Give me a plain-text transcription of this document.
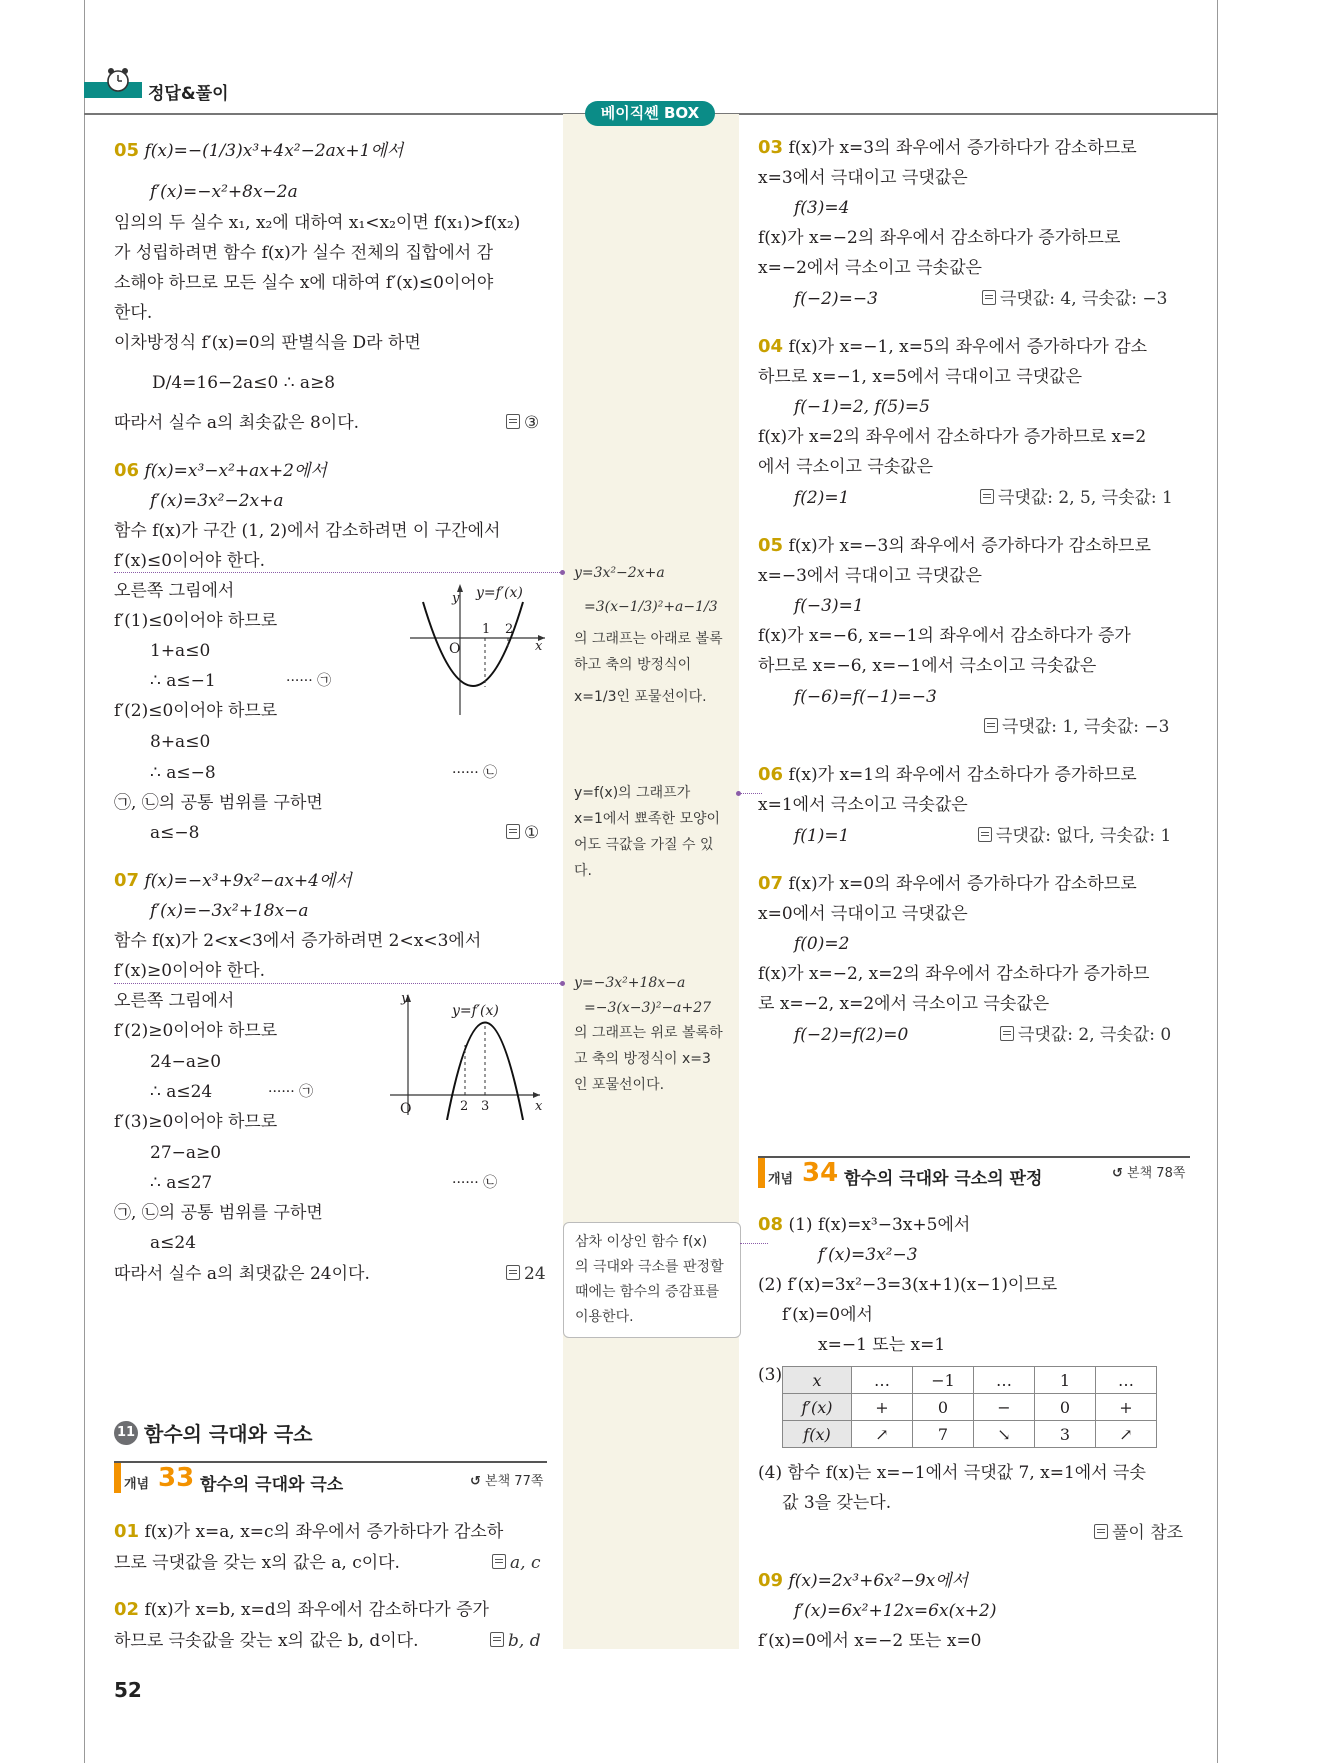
정답&풀이
베이직쎈 BOX
05 f(x)=−(1/3)x³+4x²−2ax+1에서
f′(x)=−x²+8x−2a
임의의 두 실수 x₁, x₂에 대하여 x₁<x₂이면 f(x₁)>f(x₂)
가 성립하려면 함수 f(x)가 실수 전체의 집합에서 감
소해야 하므로 모든 실수 x에 대하여 f′(x)≤0이어야
한다.
이차방정식 f′(x)=0의 판별식을 D라 하면
D/4=16−2a≤0 ∴ a≥8
따라서 실수 a의 최솟값은 8이다.	③
06 f(x)=x³−x²+ax+2에서
f′(x)=3x²−2x+a
함수 f(x)가 구간 (1, 2)에서 감소하려면 이 구간에서
f′(x)≤0이어야 한다.
오른쪽 그림에서
f′(1)≤0이어야 하므로
1+a≤0
∴ a≤−1	······ ㉠
f′(2)≤0이어야 하므로
8+a≤0
∴ a≤−8	······ ㉡
㉠, ㉡의 공통 범위를 구하면
a≤−8	①
y y=f′(x)
O
1 2
x
07 f(x)=−x³+9x²−ax+4에서
f′(x)=−3x²+18x−a
함수 f(x)가 2<x<3에서 증가하려면 2<x<3에서
f′(x)≥0이어야 한다.
오른쪽 그림에서
f′(2)≥0이어야 하므로
24−a≥0
∴ a≤24	······ ㉠
f′(3)≥0이어야 하므로
27−a≥0
∴ a≤27	······ ㉡
㉠, ㉡의 공통 범위를 구하면
a≤24
따라서 실수 a의 최댓값은 24이다.	24
y
y=f′(x)
O	2 3	x
11 함수의 극대와 극소
개념 33 함수의 극대와 극소	↺ 본책 77쪽
01 f(x)가 x=a, x=c의 좌우에서 증가하다가 감소하
므로 극댓값을 갖는 x의 값은 a, c이다.	a, c
02 f(x)가 x=b, x=d의 좌우에서 감소하다가 증가
하므로 극솟값을 갖는 x의 값은 b, d이다.	b, d
52
y=3x²−2x+a
=3(x−1/3)²+a−1/3
의 그래프는 아래로 볼록
하고 축의 방정식이
x=1/3인 포물선이다.
y=f(x)의 그래프가
x=1에서 뾰족한 모양이
어도 극값을 가질 수 있
다.
y=−3x²+18x−a
=−3(x−3)²−a+27
의 그래프는 위로 볼록하
고 축의 방정식이 x=3
인 포물선이다.
삼차 이상인 함수 f(x)
의 극대와 극소를 판정할
때에는 함수의 증감표를
이용한다.
03 f(x)가 x=3의 좌우에서 증가하다가 감소하므로
x=3에서 극대이고 극댓값은
f(3)=4
f(x)가 x=−2의 좌우에서 감소하다가 증가하므로
x=−2에서 극소이고 극솟값은
f(−2)=−3	극댓값: 4, 극솟값: −3
04 f(x)가 x=−1, x=5의 좌우에서 증가하다가 감소
하므로 x=−1, x=5에서 극대이고 극댓값은
f(−1)=2, f(5)=5
f(x)가 x=2의 좌우에서 감소하다가 증가하므로 x=2
에서 극소이고 극솟값은
f(2)=1	극댓값: 2, 5, 극솟값: 1
05 f(x)가 x=−3의 좌우에서 증가하다가 감소하므로
x=−3에서 극대이고 극댓값은
f(−3)=1
f(x)가 x=−6, x=−1의 좌우에서 감소하다가 증가
하므로 x=−6, x=−1에서 극소이고 극솟값은
f(−6)=f(−1)=−3
극댓값: 1, 극솟값: −3
06 f(x)가 x=1의 좌우에서 감소하다가 증가하므로
x=1에서 극소이고 극솟값은
f(1)=1	극댓값: 없다, 극솟값: 1
07 f(x)가 x=0의 좌우에서 증가하다가 감소하므로
x=0에서 극대이고 극댓값은
f(0)=2
f(x)가 x=−2, x=2의 좌우에서 감소하다가 증가하므
로 x=−2, x=2에서 극소이고 극솟값은
f(−2)=f(2)=0	극댓값: 2, 극솟값: 0
개념 34 함수의 극대와 극소의 판정	↺ 본책 78쪽
08 (1) f(x)=x³−3x+5에서
f′(x)=3x²−3
(2) f′(x)=3x²−3=3(x+1)(x−1)이므로
f′(x)=0에서
x=−1 또는 x=1
(3) x	…	−1	…	1	…
f′(x)	+	0	−	0	+
f(x)	↗	7	↘	3	↗
(4) 함수 f(x)는 x=−1에서 극댓값 7, x=1에서 극솟
값 3을 갖는다.
풀이 참조
09 f(x)=2x³+6x²−9x에서
f′(x)=6x²+12x=6x(x+2)
f′(x)=0에서 x=−2 또는 x=0
